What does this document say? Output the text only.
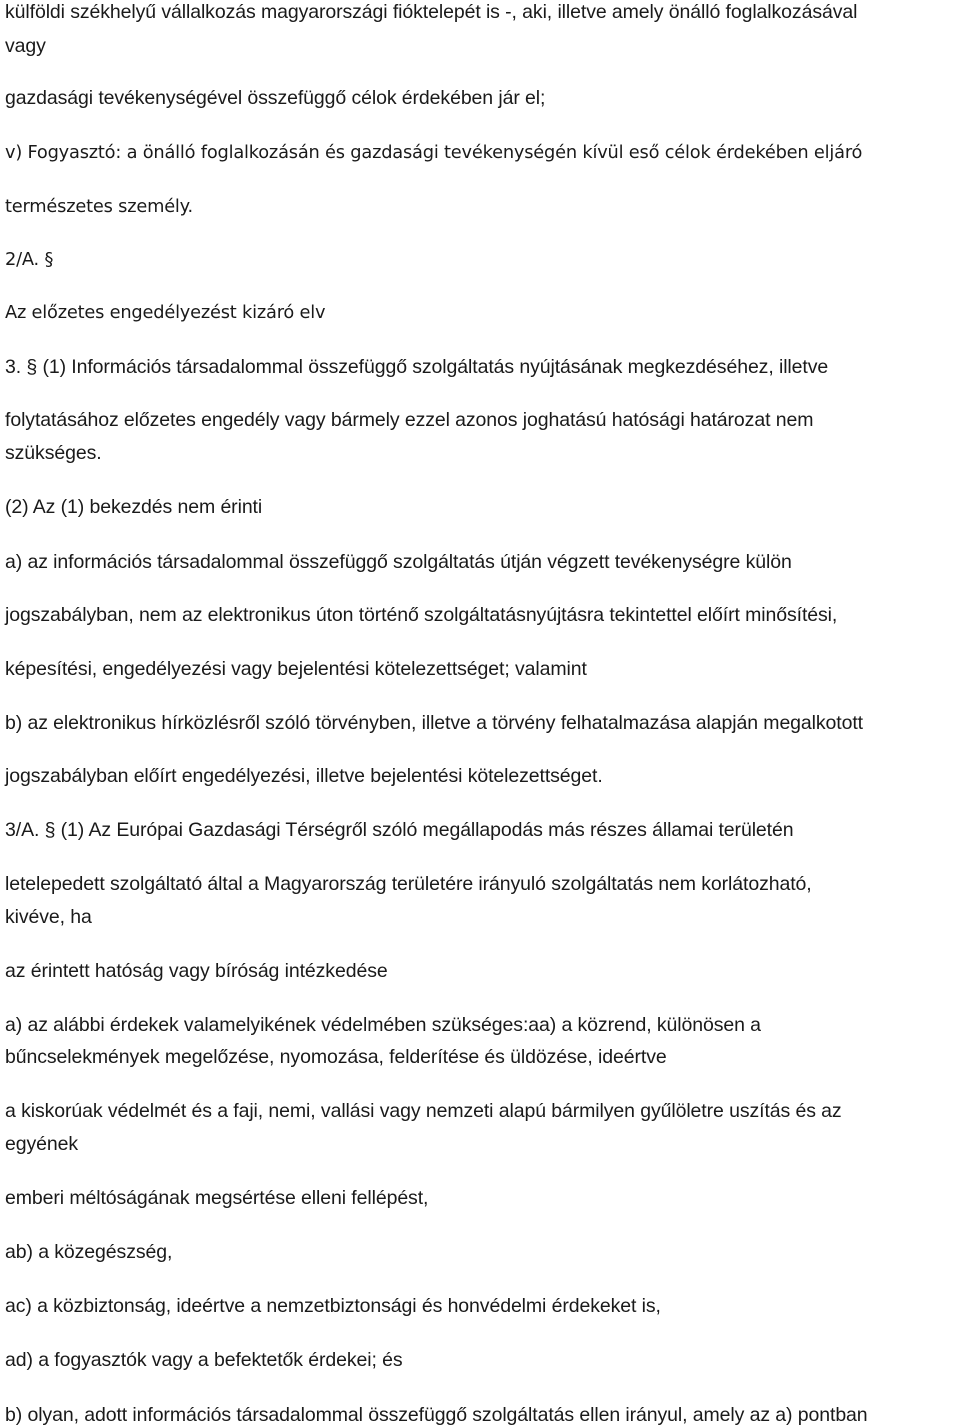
külföldi székhelyű vállalkozás magyarországi fióktelepét is -, aki, illetve amely önálló foglalkozásával
vagy
gazdasági tevékenységével összefüggő célok érdekében jár el;
v) Fogyasztó: a önálló foglalkozásán és gazdasági tevékenységén kívül eső célok érdekében eljáró
természetes személy.
2/A. §
Az előzetes engedélyezést kizáró elv
3. § (1) Információs társadalommal összefüggő szolgáltatás nyújtásának megkezdéséhez, illetve
folytatásához előzetes engedély vagy bármely ezzel azonos joghatású hatósági határozat nem
szükséges.
(2) Az (1) bekezdés nem érinti
a) az információs társadalommal összefüggő szolgáltatás útján végzett tevékenységre külön
jogszabályban, nem az elektronikus úton történő szolgáltatásnyújtásra tekintettel előírt minősítési,
képesítési, engedélyezési vagy bejelentési kötelezettséget; valamint
b) az elektronikus hírközlésről szóló törvényben, illetve a törvény felhatalmazása alapján megalkotott
jogszabályban előírt engedélyezési, illetve bejelentési kötelezettséget.
3/A. § (1) Az Európai Gazdasági Térségről szóló megállapodás más részes államai területén
letelepedett szolgáltató által a Magyarország területére irányuló szolgáltatás nem korlátozható,
kivéve, ha
az érintett hatóság vagy bíróság intézkedése
a) az alábbi érdekek valamelyikének védelmében szükséges:aa) a közrend, különösen a
bűncselekmények megelőzése, nyomozása, felderítése és üldözése, ideértve
a kiskorúak védelmét és a faji, nemi, vallási vagy nemzeti alapú bármilyen gyűlöletre uszítás és az
egyének
emberi méltóságának megsértése elleni fellépést,
ab) a közegészség,
ac) a közbiztonság, ideértve a nemzetbiztonsági és honvédelmi érdekeket is,
ad) a fogyasztók vagy a befektetők érdekei; és
b) olyan, adott információs társadalommal összefüggő szolgáltatás ellen irányul, amely az a) pontban
